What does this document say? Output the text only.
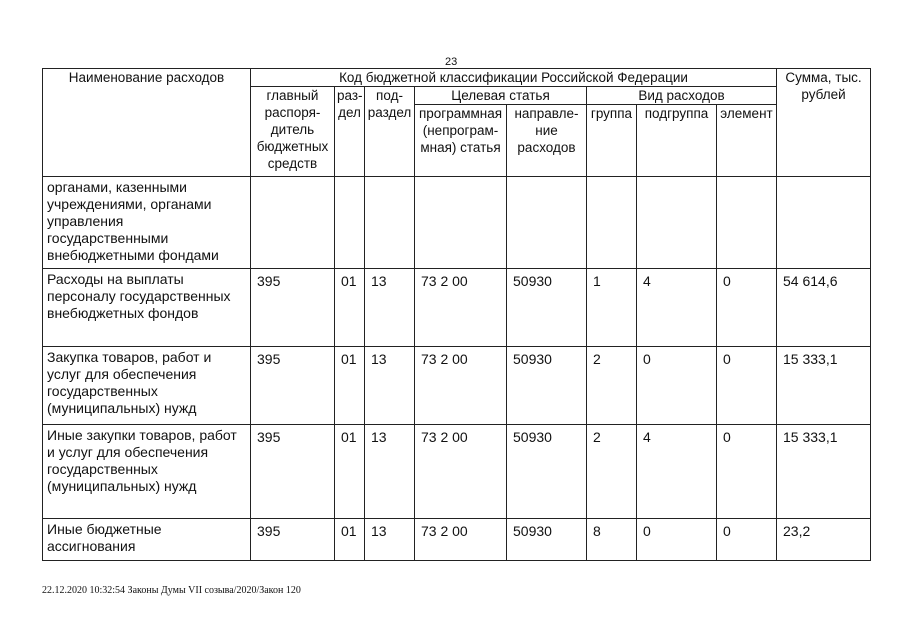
23
Наименование расходов	Код бюджетной классификации Российской Федерации								Сумма, тыс. рублей
	главный распоря-дитель бюджетных средств	раз-дел	под-раздел	Целевая статья		Вид расходов			
				программная (непрограм-мная) статья	направле-ние расходов	группа	подгруппа	элемент	
органами, казенными учреждениями, органами управления государственными внебюджетными фондами									
Расходы на выплаты персоналу государственных внебюджетных фондов	395	01	13	73 2 00	50930	1	4	0	54 614,6
Закупка товаров, работ и услуг для обеспечения государственных (муниципальных) нужд	395	01	13	73 2 00	50930	2	0	0	15 333,1
Иные закупки товаров, работ и услуг для обеспечения государственных (муниципальных) нужд	395	01	13	73 2 00	50930	2	4	0	15 333,1
Иные бюджетные ассигнования	395	01	13	73 2 00	50930	8	0	0	23,2
22.12.2020 10:32:54 Законы Думы VII созыва/2020/Закон 120
